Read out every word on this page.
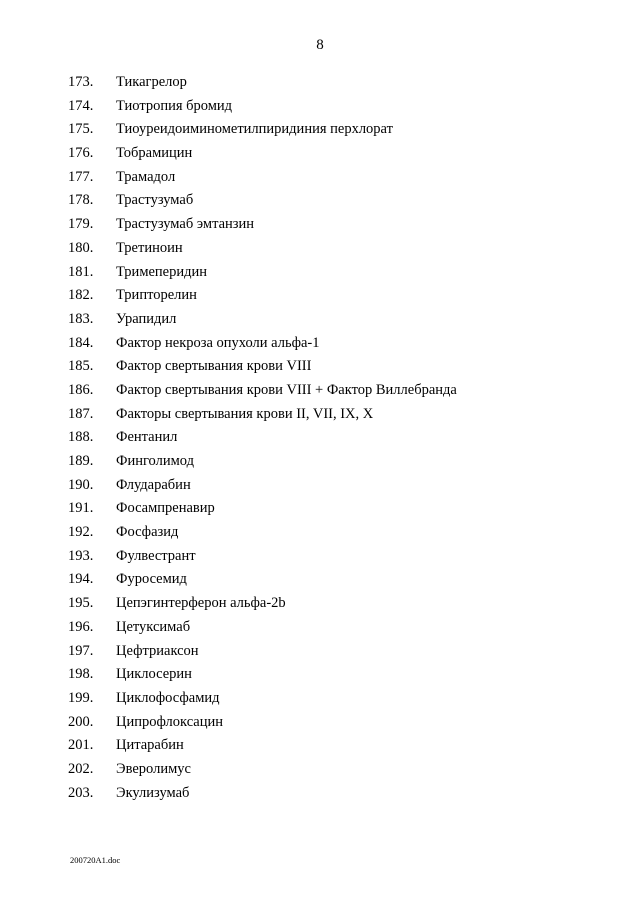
8
173. Тикагрелор
174. Тиотропия бромид
175. Тиоуреидоиминометилпиридиния перхлорат
176. Тобрамицин
177. Трамадол
178. Трастузумаб
179. Трастузумаб эмтанзин
180. Третиноин
181. Тримеперидин
182. Трипторелин
183. Урапидил
184. Фактор некроза опухоли альфа-1
185. Фактор свертывания крови VIII
186. Фактор свертывания крови VIII + Фактор Виллебранда
187. Факторы свертывания крови II, VII, IX, X
188. Фентанил
189. Финголимод
190. Флударабин
191. Фосампренавир
192. Фосфазид
193. Фулвестрант
194. Фуросемид
195. Цепэгинтерферон альфа-2b
196. Цетуксимаб
197. Цефтриаксон
198. Циклосерин
199. Циклофосфамид
200. Ципрофлоксацин
201. Цитарабин
202. Эверолимус
203. Экулизумаб
200720A1.doc
